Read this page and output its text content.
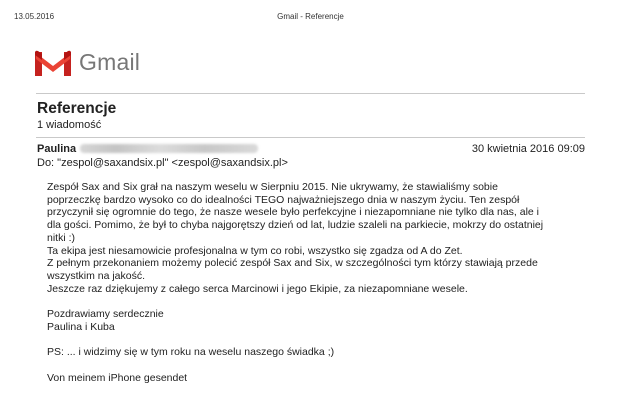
13.05.2016	Gmail - Referencje
Gmail
Referencje
1 wiadomość
Paulina	30 kwietnia 2016 09:09
Do: "zespol@saxandsix.pl" <zespol@saxandsix.pl>

Zespół Sax and Six grał na naszym weselu w Sierpniu 2015. Nie ukrywamy, że stawialiśmy sobie

poprzeczkę bardzo wysoko co do idealności TEGO najważniejszego dnia w naszym życiu. Ten zespół

przyczynił się ogromnie do tego, że nasze wesele było perfekcyjne i niezapomniane nie tylko dla nas, ale i

dla gości. Pomimo, że był to chyba najgorętszy dzień od lat, ludzie szaleli na parkiecie, mokrzy do ostatniej

nitki :)

Ta ekipa jest niesamowicie profesjonalna w tym co robi, wszystko się zgadza od A do Zet.

Z pełnym przekonaniem możemy polecić zespół Sax and Six, w szczególności tym którzy stawiają przede

wszystkim na jakość.

Jeszcze raz dziękujemy z całego serca Marcinowi i jego Ekipie, za niezapomniane wesele.

Pozdrawiamy serdecznie

Paulina i Kuba

PS: ... i widzimy się w tym roku na weselu naszego świadka ;)

Von meinem iPhone gesendet
